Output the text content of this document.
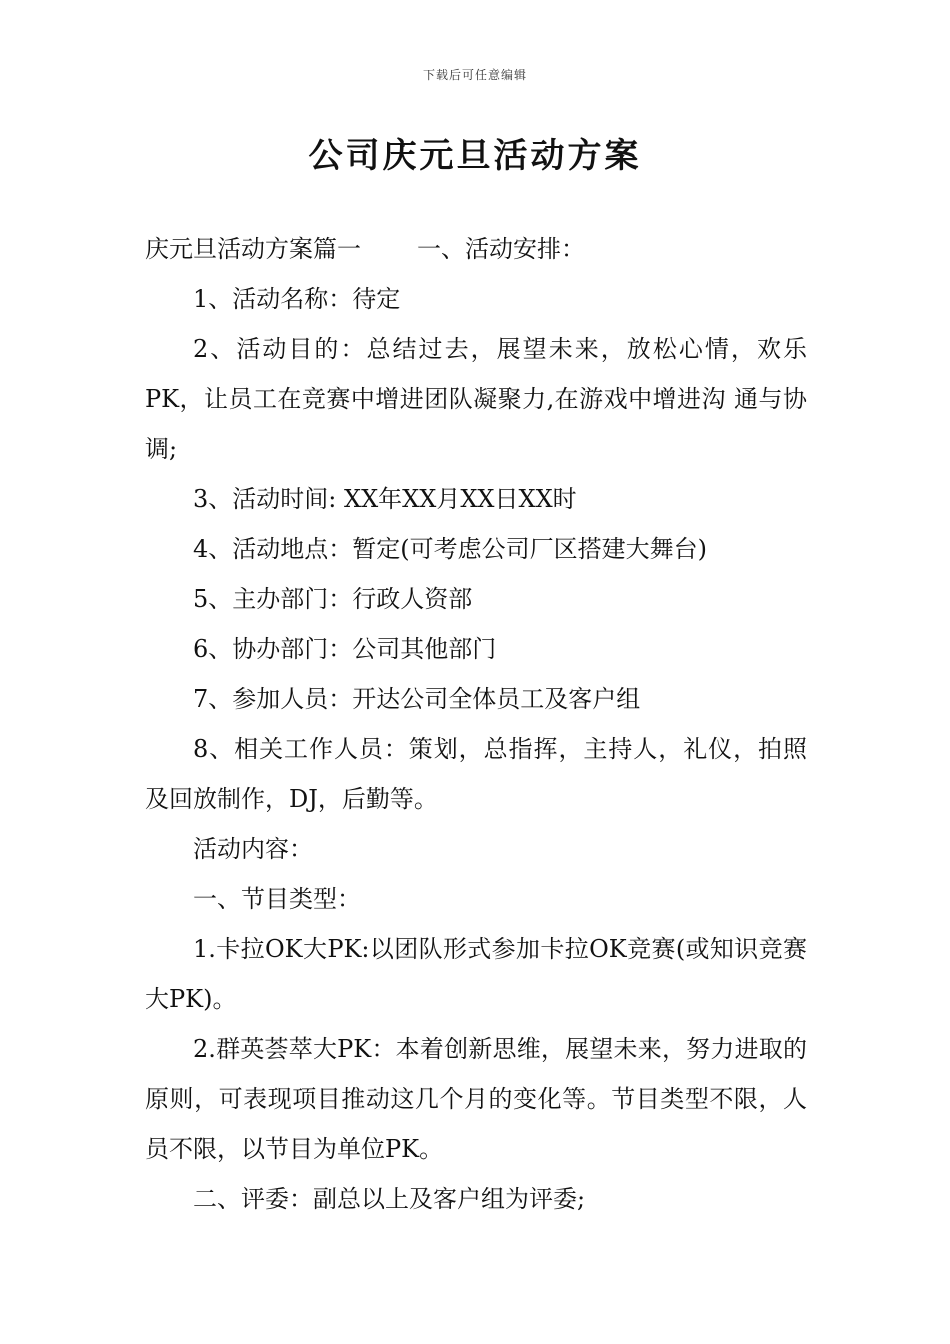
下载后可任意编辑
公司庆元旦活动方案

庆元旦活动方案篇一 一、活动安排：

1、活动名称：待定

2、活动目的：总结过去，展望未来，放松心情，欢乐PK，让员工在竞赛中增进团队凝聚力,在游戏中增进沟 通与协调;

3、活动时间: XX年XX月XX日XX时

4、活动地点：暂定(可考虑公司厂区搭建大舞台)

5、主办部门：行政人资部

6、协办部门：公司其他部门

7、参加人员：开达公司全体员工及客户组

8、相关工作人员：策划，总指挥，主持人，礼仪，拍照及回放制作，DJ，后勤等。

活动内容：

一、节目类型：

1.卡拉OK大PK:以团队形式参加卡拉OK竞赛(或知识竞赛大PK)。

2.群英荟萃大PK：本着创新思维，展望未来，努力进取的原则，可表现项目推动这几个月的变化等。节目类型不限，人员不限，以节目为单位PK。

二、评委：副总以上及客户组为评委;
